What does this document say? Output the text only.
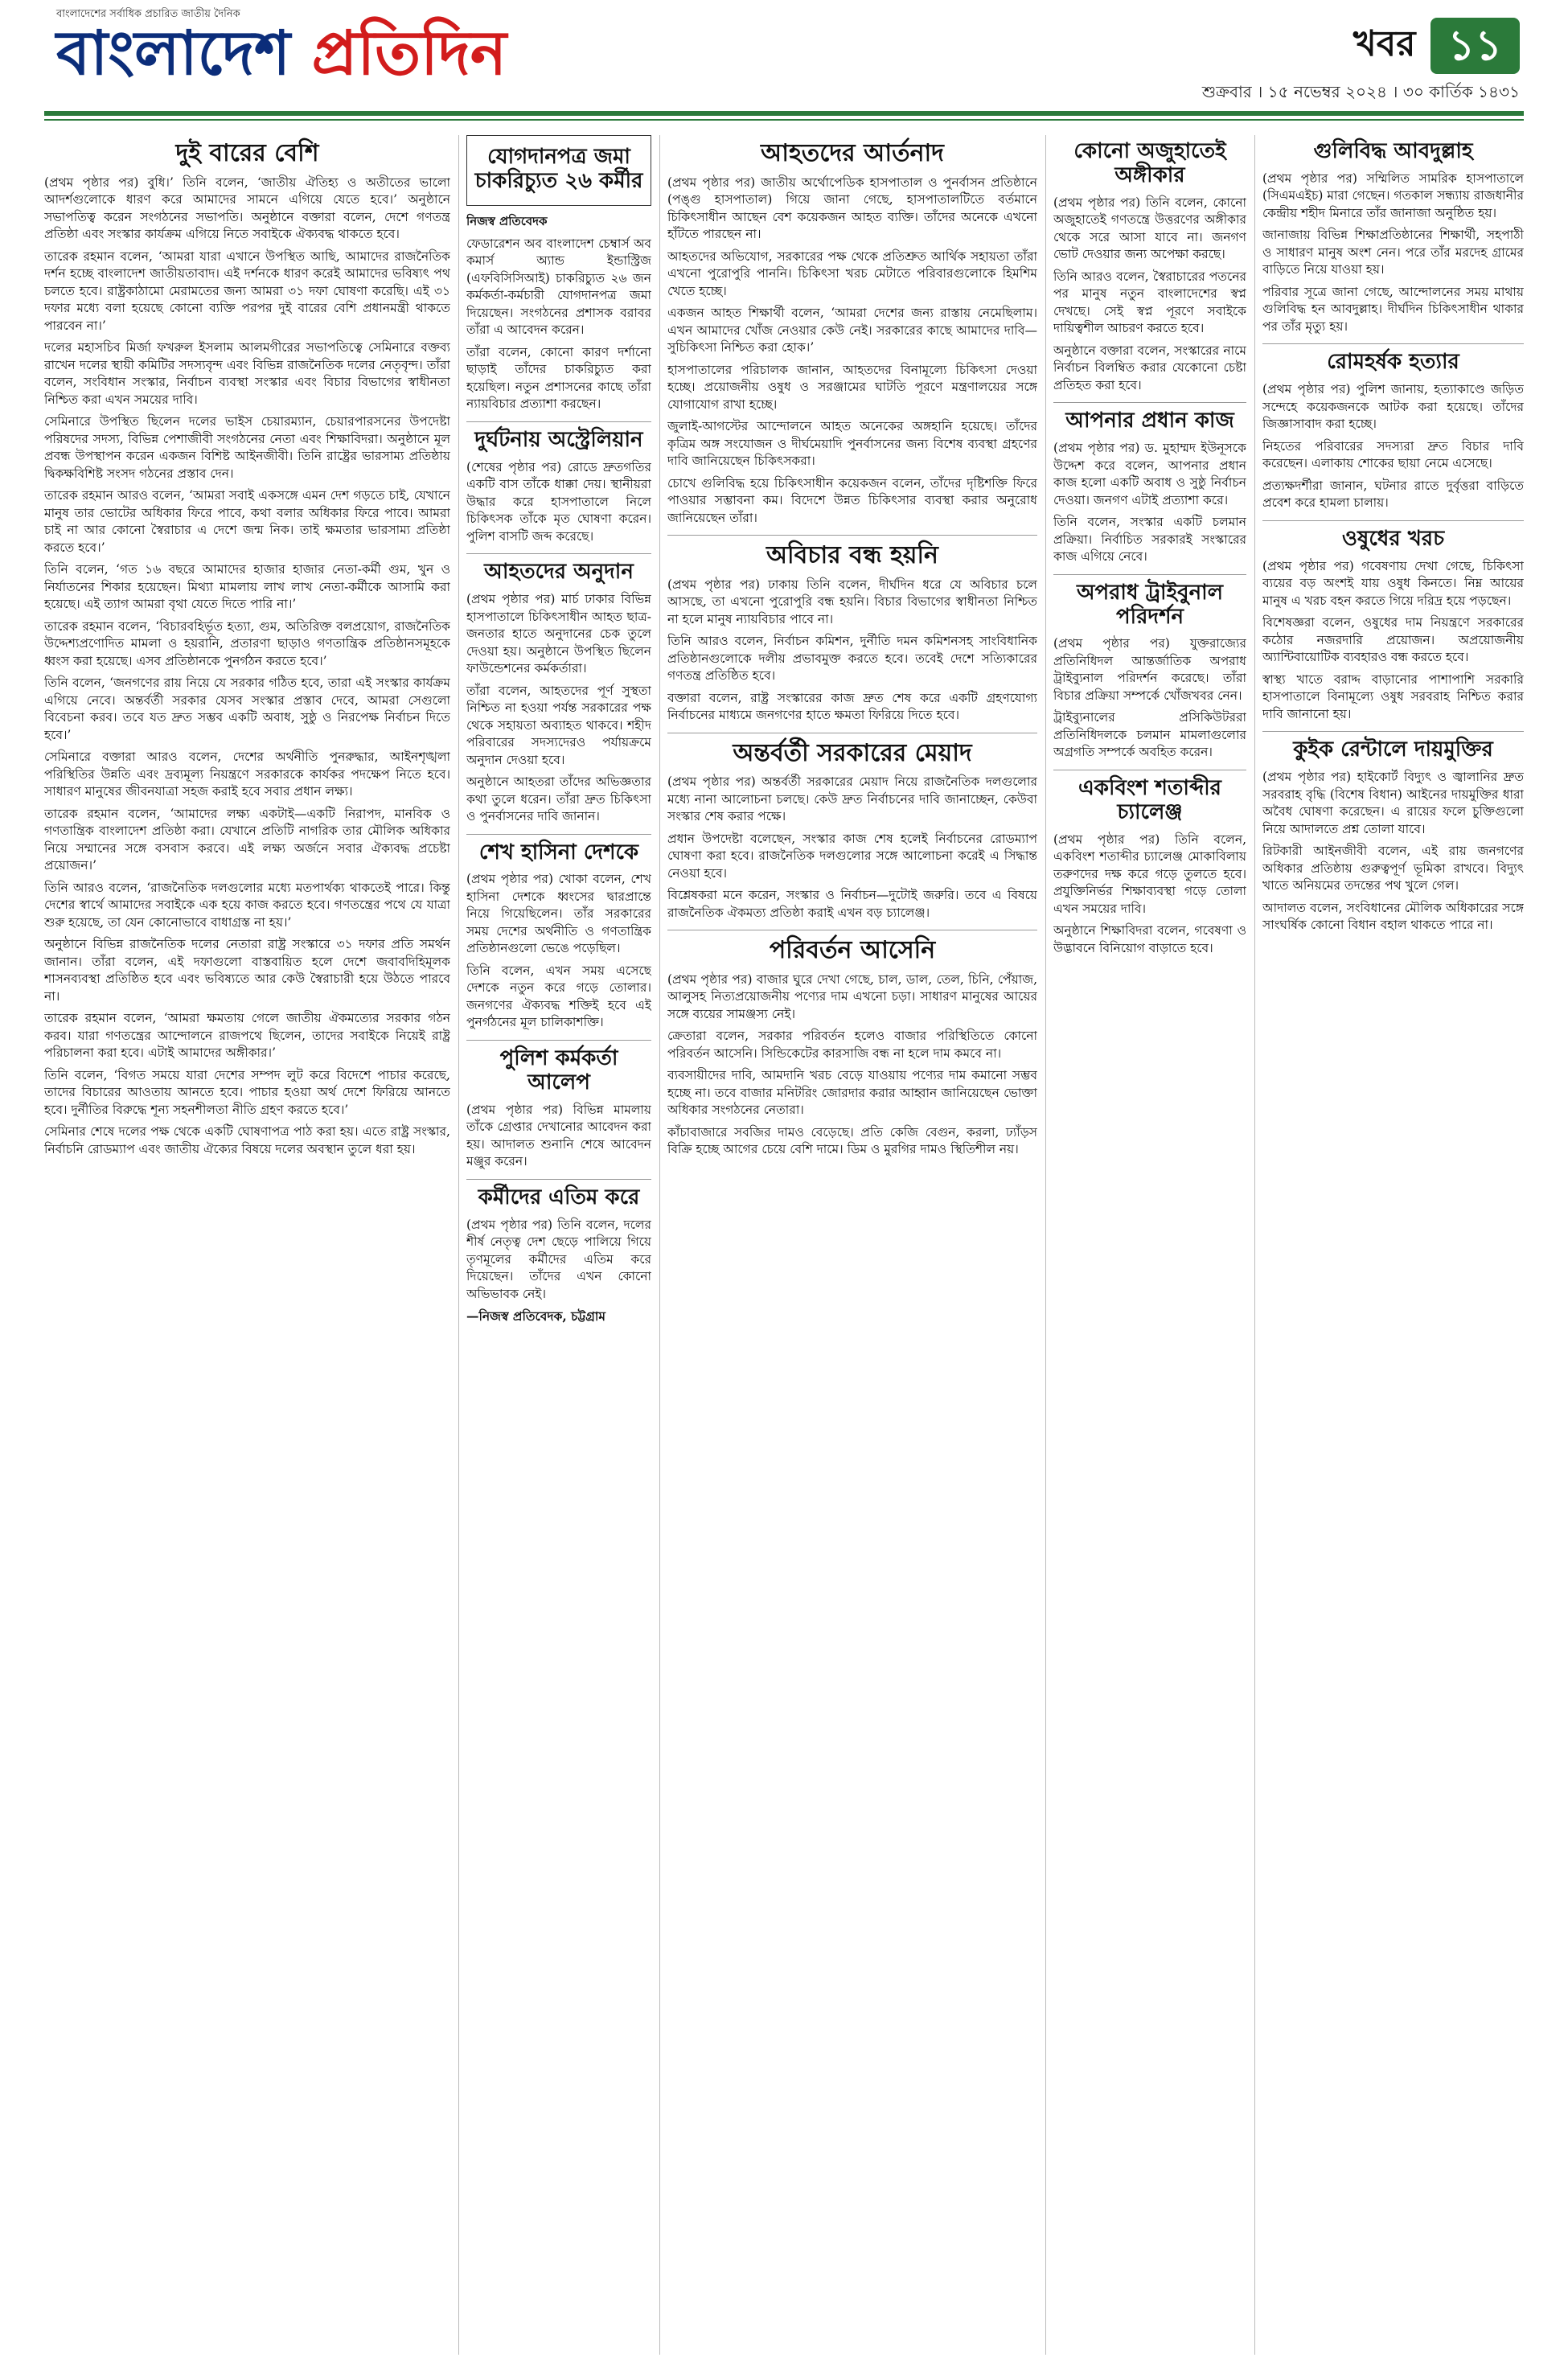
বাংলাদেশের সর্বাধিক প্রচারিত জাতীয় দৈনিক
বাংলাদেশ প্রতিদিন	খবর ১১
শুক্রবার । ১৫ নভেম্বর ২০২৪ । ৩০ কার্তিক ১৪৩১
দুই বারের বেশি

(প্রথম পৃষ্ঠার পর) বুধি।’ তিনি বলেন, ‘জাতীয় ঐতিহ্য ও অতীতের ভালো আদর্শগুলোকে ধারণ করে আমাদের সামনে এগিয়ে যেতে হবে।’ অনুষ্ঠানে সভাপতিত্ব করেন সংগঠনের সভাপতি। অনুষ্ঠানে বক্তারা বলেন, দেশে গণতন্ত্র প্রতিষ্ঠা এবং সংস্কার কার্যক্রম এগিয়ে নিতে সবাইকে ঐক্যবদ্ধ থাকতে হবে।

তারেক রহমান বলেন, ‘আমরা যারা এখানে উপস্থিত আছি, আমাদের রাজনৈতিক দর্শন হচ্ছে বাংলাদেশ জাতীয়তাবাদ। এই দর্শনকে ধারণ করেই আমাদের ভবিষ্যৎ পথ চলতে হবে। রাষ্ট্রকাঠামো মেরামতের জন্য আমরা ৩১ দফা ঘোষণা করেছি। এই ৩১ দফার মধ্যে বলা হয়েছে কোনো ব্যক্তি পরপর দুই বারের বেশি প্রধানমন্ত্রী থাকতে পারবেন না।’

দলের মহাসচিব মির্জা ফখরুল ইসলাম আলমগীরের সভাপতিত্বে সেমিনারে বক্তব্য রাখেন দলের স্থায়ী কমিটির সদস্যবৃন্দ এবং বিভিন্ন রাজনৈতিক দলের নেতৃবৃন্দ। তাঁরা বলেন, সংবিধান সংস্কার, নির্বাচন ব্যবস্থা সংস্কার এবং বিচার বিভাগের স্বাধীনতা নিশ্চিত করা এখন সময়ের দাবি।

সেমিনারে উপস্থিত ছিলেন দলের ভাইস চেয়ারম্যান, চেয়ারপারসনের উপদেষ্টা পরিষদের সদস্য, বিভিন্ন পেশাজীবী সংগঠনের নেতা এবং শিক্ষাবিদরা। অনুষ্ঠানে মূল প্রবন্ধ উপস্থাপন করেন একজন বিশিষ্ট আইনজীবী। তিনি রাষ্ট্রের ভারসাম্য প্রতিষ্ঠায় দ্বিকক্ষবিশিষ্ট সংসদ গঠনের প্রস্তাব দেন।

তারেক রহমান আরও বলেন, ‘আমরা সবাই একসঙ্গে এমন দেশ গড়তে চাই, যেখানে মানুষ তার ভোটের অধিকার ফিরে পাবে, কথা বলার অধিকার ফিরে পাবে। আমরা চাই না আর কোনো স্বৈরাচার এ দেশে জন্ম নিক। তাই ক্ষমতার ভারসাম্য প্রতিষ্ঠা করতে হবে।’

তিনি বলেন, ‘গত ১৬ বছরে আমাদের হাজার হাজার নেতা-কর্মী গুম, খুন ও নির্যাতনের শিকার হয়েছেন। মিথ্যা মামলায় লাখ লাখ নেতা-কর্মীকে আসামি করা হয়েছে। এই ত্যাগ আমরা বৃথা যেতে দিতে পারি না।’

তারেক রহমান বলেন, ‘বিচারবহির্ভূত হত্যা, গুম, অতিরিক্ত বলপ্রয়োগ, রাজনৈতিক উদ্দেশ্যপ্রণোদিত মামলা ও হয়রানি, প্রতারণা ছাড়াও গণতান্ত্রিক প্রতিষ্ঠানসমূহকে ধ্বংস করা হয়েছে। এসব প্রতিষ্ঠানকে পুনর্গঠন করতে হবে।’

তিনি বলেন, ‘জনগণের রায় নিয়ে যে সরকার গঠিত হবে, তারা এই সংস্কার কার্যক্রম এগিয়ে নেবে। অন্তর্বর্তী সরকার যেসব সংস্কার প্রস্তাব দেবে, আমরা সেগুলো বিবেচনা করব। তবে যত দ্রুত সম্ভব একটি অবাধ, সুষ্ঠু ও নিরপেক্ষ নির্বাচন দিতে হবে।’

সেমিনারে বক্তারা আরও বলেন, দেশের অর্থনীতি পুনরুদ্ধার, আইনশৃঙ্খলা পরিস্থিতির উন্নতি এবং দ্রব্যমূল্য নিয়ন্ত্রণে সরকারকে কার্যকর পদক্ষেপ নিতে হবে। সাধারণ মানুষের জীবনযাত্রা সহজ করাই হবে সবার প্রধান লক্ষ্য।

তারেক রহমান বলেন, ‘আমাদের লক্ষ্য একটাই—একটি নিরাপদ, মানবিক ও গণতান্ত্রিক বাংলাদেশ প্রতিষ্ঠা করা। যেখানে প্রতিটি নাগরিক তার মৌলিক অধিকার নিয়ে সম্মানের সঙ্গে বসবাস করবে। এই লক্ষ্য অর্জনে সবার ঐক্যবদ্ধ প্রচেষ্টা প্রয়োজন।’

তিনি আরও বলেন, ‘রাজনৈতিক দলগুলোর মধ্যে মতপার্থক্য থাকতেই পারে। কিন্তু দেশের স্বার্থে আমাদের সবাইকে এক হয়ে কাজ করতে হবে। গণতন্ত্রের পথে যে যাত্রা শুরু হয়েছে, তা যেন কোনোভাবে বাধাগ্রস্ত না হয়।’

অনুষ্ঠানে বিভিন্ন রাজনৈতিক দলের নেতারা রাষ্ট্র সংস্কারে ৩১ দফার প্রতি সমর্থন জানান। তাঁরা বলেন, এই দফাগুলো বাস্তবায়িত হলে দেশে জবাবদিহিমূলক শাসনব্যবস্থা প্রতিষ্ঠিত হবে এবং ভবিষ্যতে আর কেউ স্বৈরাচারী হয়ে উঠতে পারবে না।

তারেক রহমান বলেন, ‘আমরা ক্ষমতায় গেলে জাতীয় ঐকমত্যের সরকার গঠন করব। যারা গণতন্ত্রের আন্দোলনে রাজপথে ছিলেন, তাদের সবাইকে নিয়েই রাষ্ট্র পরিচালনা করা হবে। এটাই আমাদের অঙ্গীকার।’

তিনি বলেন, ‘বিগত সময়ে যারা দেশের সম্পদ লুট করে বিদেশে পাচার করেছে, তাদের বিচারের আওতায় আনতে হবে। পাচার হওয়া অর্থ দেশে ফিরিয়ে আনতে হবে। দুর্নীতির বিরুদ্ধে শূন্য সহনশীলতা নীতি গ্রহণ করতে হবে।’

সেমিনার শেষে দলের পক্ষ থেকে একটি ঘোষণাপত্র পাঠ করা হয়। এতে রাষ্ট্র সংস্কার, নির্বাচনি রোডম্যাপ এবং জাতীয় ঐক্যের বিষয়ে দলের অবস্থান তুলে ধরা হয়।

যোগদানপত্র জমা চাকরিচ্যুত ২৬ কর্মীর
নিজস্ব প্রতিবেদক

ফেডারেশন অব বাংলাদেশ চেম্বার্স অব কমার্স অ্যান্ড ইন্ডাস্ট্রিজ (এফবিসিসিআই) চাকরিচ্যুত ২৬ জন কর্মকর্তা-কর্মচারী যোগদানপত্র জমা দিয়েছেন। সংগঠনের প্রশাসক বরাবর তাঁরা এ আবেদন করেন।

তাঁরা বলেন, কোনো কারণ দর্শানো ছাড়াই তাঁদের চাকরিচ্যুত করা হয়েছিল। নতুন প্রশাসনের কাছে তাঁরা ন্যায়বিচার প্রত্যাশা করছেন।

দুর্ঘটনায় অস্ট্রেলিয়ান

(শেষের পৃষ্ঠার পর) রোডে দ্রুতগতির একটি বাস তাঁকে ধাক্কা দেয়। স্থানীয়রা উদ্ধার করে হাসপাতালে নিলে চিকিৎসক তাঁকে মৃত ঘোষণা করেন। পুলিশ বাসটি জব্দ করেছে।

আহতদের অনুদান

(প্রথম পৃষ্ঠার পর) মার্চ ঢাকার বিভিন্ন হাসপাতালে চিকিৎসাধীন আহত ছাত্র-জনতার হাতে অনুদানের চেক তুলে দেওয়া হয়। অনুষ্ঠানে উপস্থিত ছিলেন ফাউন্ডেশনের কর্মকর্তারা।

তাঁরা বলেন, আহতদের পূর্ণ সুস্থতা নিশ্চিত না হওয়া পর্যন্ত সরকারের পক্ষ থেকে সহায়তা অব্যাহত থাকবে। শহীদ পরিবারের সদস্যদেরও পর্যায়ক্রমে অনুদান দেওয়া হবে।

অনুষ্ঠানে আহতরা তাঁদের অভিজ্ঞতার কথা তুলে ধরেন। তাঁরা দ্রুত চিকিৎসা ও পুনর্বাসনের দাবি জানান।

শেখ হাসিনা দেশকে

(প্রথম পৃষ্ঠার পর) খোকা বলেন, শেখ হাসিনা দেশকে ধ্বংসের দ্বারপ্রান্তে নিয়ে গিয়েছিলেন। তাঁর সরকারের সময় দেশের অর্থনীতি ও গণতান্ত্রিক প্রতিষ্ঠানগুলো ভেঙে পড়েছিল।

তিনি বলেন, এখন সময় এসেছে দেশকে নতুন করে গড়ে তোলার। জনগণের ঐক্যবদ্ধ শক্তিই হবে এই পুনর্গঠনের মূল চালিকাশক্তি।

পুলিশ কর্মকর্তা আলেপ

(প্রথম পৃষ্ঠার পর) বিভিন্ন মামলায় তাঁকে গ্রেপ্তার দেখানোর আবেদন করা হয়। আদালত শুনানি শেষে আবেদন মঞ্জুর করেন।

কর্মীদের এতিম করে

(প্রথম পৃষ্ঠার পর) তিনি বলেন, দলের শীর্ষ নেতৃত্ব দেশ ছেড়ে পালিয়ে গিয়ে তৃণমূলের কর্মীদের এতিম করে দিয়েছেন। তাঁদের এখন কোনো অভিভাবক নেই।

—নিজস্ব প্রতিবেদক, চট্টগ্রাম

আহতদের আর্তনাদ

(প্রথম পৃষ্ঠার পর) জাতীয় অর্থোপেডিক হাসপাতাল ও পুনর্বাসন প্রতিষ্ঠানে (পঙ্গু হাসপাতাল) গিয়ে জানা গেছে, হাসপাতালটিতে বর্তমানে চিকিৎসাধীন আছেন বেশ কয়েকজন আহত ব্যক্তি। তাঁদের অনেকে এখনো হাঁটতে পারছেন না।

আহতদের অভিযোগ, সরকারের পক্ষ থেকে প্রতিশ্রুত আর্থিক সহায়তা তাঁরা এখনো পুরোপুরি পাননি। চিকিৎসা খরচ মেটাতে পরিবারগুলোকে হিমশিম খেতে হচ্ছে।

একজন আহত শিক্ষার্থী বলেন, ‘আমরা দেশের জন্য রাস্তায় নেমেছিলাম। এখন আমাদের খোঁজ নেওয়ার কেউ নেই। সরকারের কাছে আমাদের দাবি—সুচিকিৎসা নিশ্চিত করা হোক।’

হাসপাতালের পরিচালক জানান, আহতদের বিনামূল্যে চিকিৎসা দেওয়া হচ্ছে। প্রয়োজনীয় ওষুধ ও সরঞ্জামের ঘাটতি পূরণে মন্ত্রণালয়ের সঙ্গে যোগাযোগ রাখা হচ্ছে।

জুলাই-আগস্টের আন্দোলনে আহত অনেকের অঙ্গহানি হয়েছে। তাঁদের কৃত্রিম অঙ্গ সংযোজন ও দীর্ঘমেয়াদি পুনর্বাসনের জন্য বিশেষ ব্যবস্থা গ্রহণের দাবি জানিয়েছেন চিকিৎসকরা।

চোখে গুলিবিদ্ধ হয়ে চিকিৎসাধীন কয়েকজন বলেন, তাঁদের দৃষ্টিশক্তি ফিরে পাওয়ার সম্ভাবনা কম। বিদেশে উন্নত চিকিৎসার ব্যবস্থা করার অনুরোধ জানিয়েছেন তাঁরা।

অবিচার বন্ধ হয়নি

(প্রথম পৃষ্ঠার পর) ঢাকায় তিনি বলেন, দীর্ঘদিন ধরে যে অবিচার চলে আসছে, তা এখনো পুরোপুরি বন্ধ হয়নি। বিচার বিভাগের স্বাধীনতা নিশ্চিত না হলে মানুষ ন্যায়বিচার পাবে না।

তিনি আরও বলেন, নির্বাচন কমিশন, দুর্নীতি দমন কমিশনসহ সাংবিধানিক প্রতিষ্ঠানগুলোকে দলীয় প্রভাবমুক্ত করতে হবে। তবেই দেশে সত্যিকারের গণতন্ত্র প্রতিষ্ঠিত হবে।

বক্তারা বলেন, রাষ্ট্র সংস্কারের কাজ দ্রুত শেষ করে একটি গ্রহণযোগ্য নির্বাচনের মাধ্যমে জনগণের হাতে ক্ষমতা ফিরিয়ে দিতে হবে।

অন্তর্বর্তী সরকারের মেয়াদ

(প্রথম পৃষ্ঠার পর) অন্তর্বর্তী সরকারের মেয়াদ নিয়ে রাজনৈতিক দলগুলোর মধ্যে নানা আলোচনা চলছে। কেউ দ্রুত নির্বাচনের দাবি জানাচ্ছেন, কেউবা সংস্কার শেষ করার পক্ষে।

প্রধান উপদেষ্টা বলেছেন, সংস্কার কাজ শেষ হলেই নির্বাচনের রোডম্যাপ ঘোষণা করা হবে। রাজনৈতিক দলগুলোর সঙ্গে আলোচনা করেই এ সিদ্ধান্ত নেওয়া হবে।

বিশ্লেষকরা মনে করেন, সংস্কার ও নির্বাচন—দুটোই জরুরি। তবে এ বিষয়ে রাজনৈতিক ঐকমত্য প্রতিষ্ঠা করাই এখন বড় চ্যালেঞ্জ।

পরিবর্তন আসেনি

(প্রথম পৃষ্ঠার পর) বাজার ঘুরে দেখা গেছে, চাল, ডাল, তেল, চিনি, পেঁয়াজ, আলুসহ নিত্যপ্রয়োজনীয় পণ্যের দাম এখনো চড়া। সাধারণ মানুষের আয়ের সঙ্গে ব্যয়ের সামঞ্জস্য নেই।

ক্রেতারা বলেন, সরকার পরিবর্তন হলেও বাজার পরিস্থিতিতে কোনো পরিবর্তন আসেনি। সিন্ডিকেটের কারসাজি বন্ধ না হলে দাম কমবে না।

ব্যবসায়ীদের দাবি, আমদানি খরচ বেড়ে যাওয়ায় পণ্যের দাম কমানো সম্ভব হচ্ছে না। তবে বাজার মনিটরিং জোরদার করার আহ্বান জানিয়েছেন ভোক্তা অধিকার সংগঠনের নেতারা।

কাঁচাবাজারে সবজির দামও বেড়েছে। প্রতি কেজি বেগুন, করলা, ঢ্যাঁড়স বিক্রি হচ্ছে আগের চেয়ে বেশি দামে। ডিম ও মুরগির দামও স্থিতিশীল নয়।

কোনো অজুহাতেই অঙ্গীকার

(প্রথম পৃষ্ঠার পর) তিনি বলেন, কোনো অজুহাতেই গণতন্ত্রে উত্তরণের অঙ্গীকার থেকে সরে আসা যাবে না। জনগণ ভোট দেওয়ার জন্য অপেক্ষা করছে।

তিনি আরও বলেন, স্বৈরাচারের পতনের পর মানুষ নতুন বাংলাদেশের স্বপ্ন দেখছে। সেই স্বপ্ন পূরণে সবাইকে দায়িত্বশীল আচরণ করতে হবে।

অনুষ্ঠানে বক্তারা বলেন, সংস্কারের নামে নির্বাচন বিলম্বিত করার যেকোনো চেষ্টা প্রতিহত করা হবে।

আপনার প্রধান কাজ

(প্রথম পৃষ্ঠার পর) ড. মুহাম্মদ ইউনূসকে উদ্দেশ করে বলেন, আপনার প্রধান কাজ হলো একটি অবাধ ও সুষ্ঠু নির্বাচন দেওয়া। জনগণ এটাই প্রত্যাশা করে।

তিনি বলেন, সংস্কার একটি চলমান প্রক্রিয়া। নির্বাচিত সরকারই সংস্কারের কাজ এগিয়ে নেবে।

অপরাধ ট্রাইবুনাল পরিদর্শন

(প্রথম পৃষ্ঠার পর) যুক্তরাজ্যের প্রতিনিধিদল আন্তর্জাতিক অপরাধ ট্রাইব্যুনাল পরিদর্শন করেছে। তাঁরা বিচার প্রক্রিয়া সম্পর্কে খোঁজখবর নেন।

ট্রাইব্যুনালের প্রসিকিউটররা প্রতিনিধিদলকে চলমান মামলাগুলোর অগ্রগতি সম্পর্কে অবহিত করেন।

একবিংশ শতাব্দীর চ্যালেঞ্জ

(প্রথম পৃষ্ঠার পর) তিনি বলেন, একবিংশ শতাব্দীর চ্যালেঞ্জ মোকাবিলায় তরুণদের দক্ষ করে গড়ে তুলতে হবে। প্রযুক্তিনির্ভর শিক্ষাব্যবস্থা গড়ে তোলা এখন সময়ের দাবি।

অনুষ্ঠানে শিক্ষাবিদরা বলেন, গবেষণা ও উদ্ভাবনে বিনিয়োগ বাড়াতে হবে।

গুলিবিদ্ধ আবদুল্লাহ

(প্রথম পৃষ্ঠার পর) সম্মিলিত সামরিক হাসপাতালে (সিএমএইচ) মারা গেছেন। গতকাল সন্ধ্যায় রাজধানীর কেন্দ্রীয় শহীদ মিনারে তাঁর জানাজা অনুষ্ঠিত হয়।

জানাজায় বিভিন্ন শিক্ষাপ্রতিষ্ঠানের শিক্ষার্থী, সহপাঠী ও সাধারণ মানুষ অংশ নেন। পরে তাঁর মরদেহ গ্রামের বাড়িতে নিয়ে যাওয়া হয়।

পরিবার সূত্রে জানা গেছে, আন্দোলনের সময় মাথায় গুলিবিদ্ধ হন আবদুল্লাহ। দীর্ঘদিন চিকিৎসাধীন থাকার পর তাঁর মৃত্যু হয়।

রোমহর্ষক হত্যার

(প্রথম পৃষ্ঠার পর) পুলিশ জানায়, হত্যাকাণ্ডে জড়িত সন্দেহে কয়েকজনকে আটক করা হয়েছে। তাঁদের জিজ্ঞাসাবাদ করা হচ্ছে।

নিহতের পরিবারের সদস্যরা দ্রুত বিচার দাবি করেছেন। এলাকায় শোকের ছায়া নেমে এসেছে।

প্রত্যক্ষদর্শীরা জানান, ঘটনার রাতে দুর্বৃত্তরা বাড়িতে প্রবেশ করে হামলা চালায়।

ওষুধের খরচ

(প্রথম পৃষ্ঠার পর) গবেষণায় দেখা গেছে, চিকিৎসা ব্যয়ের বড় অংশই যায় ওষুধ কিনতে। নিম্ন আয়ের মানুষ এ খরচ বহন করতে গিয়ে দরিদ্র হয়ে পড়ছেন।

বিশেষজ্ঞরা বলেন, ওষুধের দাম নিয়ন্ত্রণে সরকারের কঠোর নজরদারি প্রয়োজন। অপ্রয়োজনীয় অ্যান্টিবায়োটিক ব্যবহারও বন্ধ করতে হবে।

স্বাস্থ্য খাতে বরাদ্দ বাড়ানোর পাশাপাশি সরকারি হাসপাতালে বিনামূল্যে ওষুধ সরবরাহ নিশ্চিত করার দাবি জানানো হয়।

কুইক রেন্টালে দায়মুক্তির

(প্রথম পৃষ্ঠার পর) হাইকোর্ট বিদ্যুৎ ও জ্বালানির দ্রুত সরবরাহ বৃদ্ধি (বিশেষ বিধান) আইনের দায়মুক্তির ধারা অবৈধ ঘোষণা করেছেন। এ রায়ের ফলে চুক্তিগুলো নিয়ে আদালতে প্রশ্ন তোলা যাবে।

রিটকারী আইনজীবী বলেন, এই রায় জনগণের অধিকার প্রতিষ্ঠায় গুরুত্বপূর্ণ ভূমিকা রাখবে। বিদ্যুৎ খাতে অনিয়মের তদন্তের পথ খুলে গেল।

আদালত বলেন, সংবিধানের মৌলিক অধিকারের সঙ্গে সাংঘর্ষিক কোনো বিধান বহাল থাকতে পারে না।
